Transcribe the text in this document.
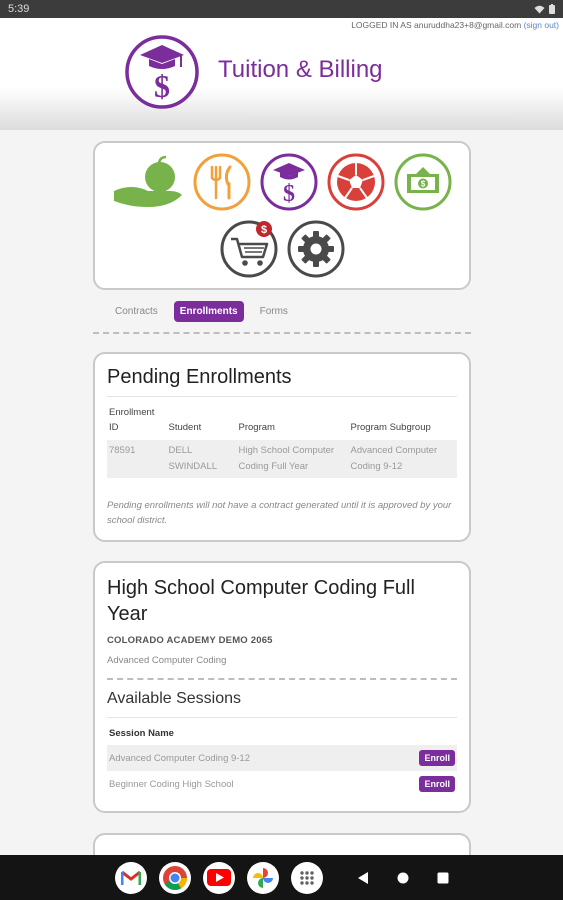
5:39
LOGGED IN AS anuruddha23+8@gmail.com (sign out)
$ Tuition & Billing
$	$
$
Contracts	Enrollments	Forms
Pending Enrollments
Enrollment ID	Student	Program	Program Subgroup
78591	DELL SWINDALL	High School Computer Coding Full Year	Advanced Computer Coding 9-12
Pending enrollments will not have a contract generated until it is approved by your school district.
High School Computer Coding Full Year
COLORADO ACADEMY DEMO 2065
Advanced Computer Coding
Available Sessions
Session Name
Advanced Computer Coding 9-12	Enroll
Beginner Coding High School	Enroll
